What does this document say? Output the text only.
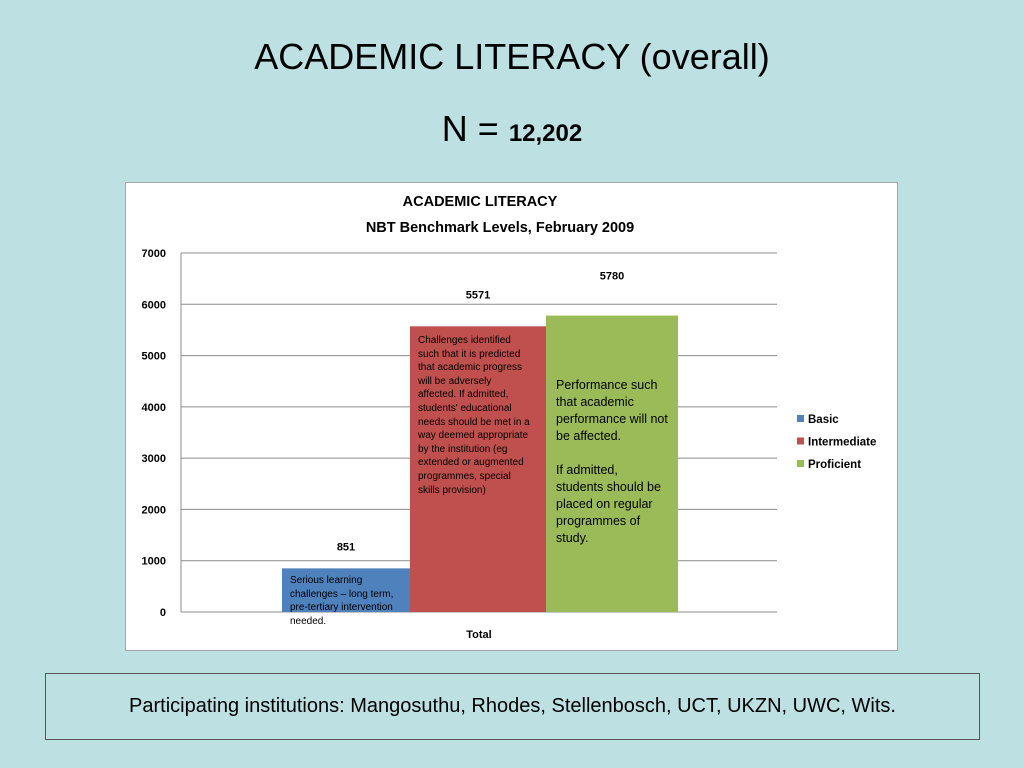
ACADEMIC LITERACY (overall)
N = 12,202
ACADEMIC LITERACY
NBT Benchmark Levels, February 2009
0
1000
2000
3000
4000
5000
6000
7000
851
5571
5780
Total
Basic
Intermediate
Proficient
Serious learning challenges – long term, pre-tertiary intervention needed.
Challenges identified such that it is predicted that academic progress will be adversely affected. If admitted, students' educational needs should be met in a way deemed appropriate by the institution (eg extended or augmented programmes, special skills provision)
Performance such that academic performance will not be affected.
If admitted, students should be placed on regular programmes of study.
Participating institutions: Mangosuthu, Rhodes, Stellenbosch, UCT, UKZN, UWC, Wits.
